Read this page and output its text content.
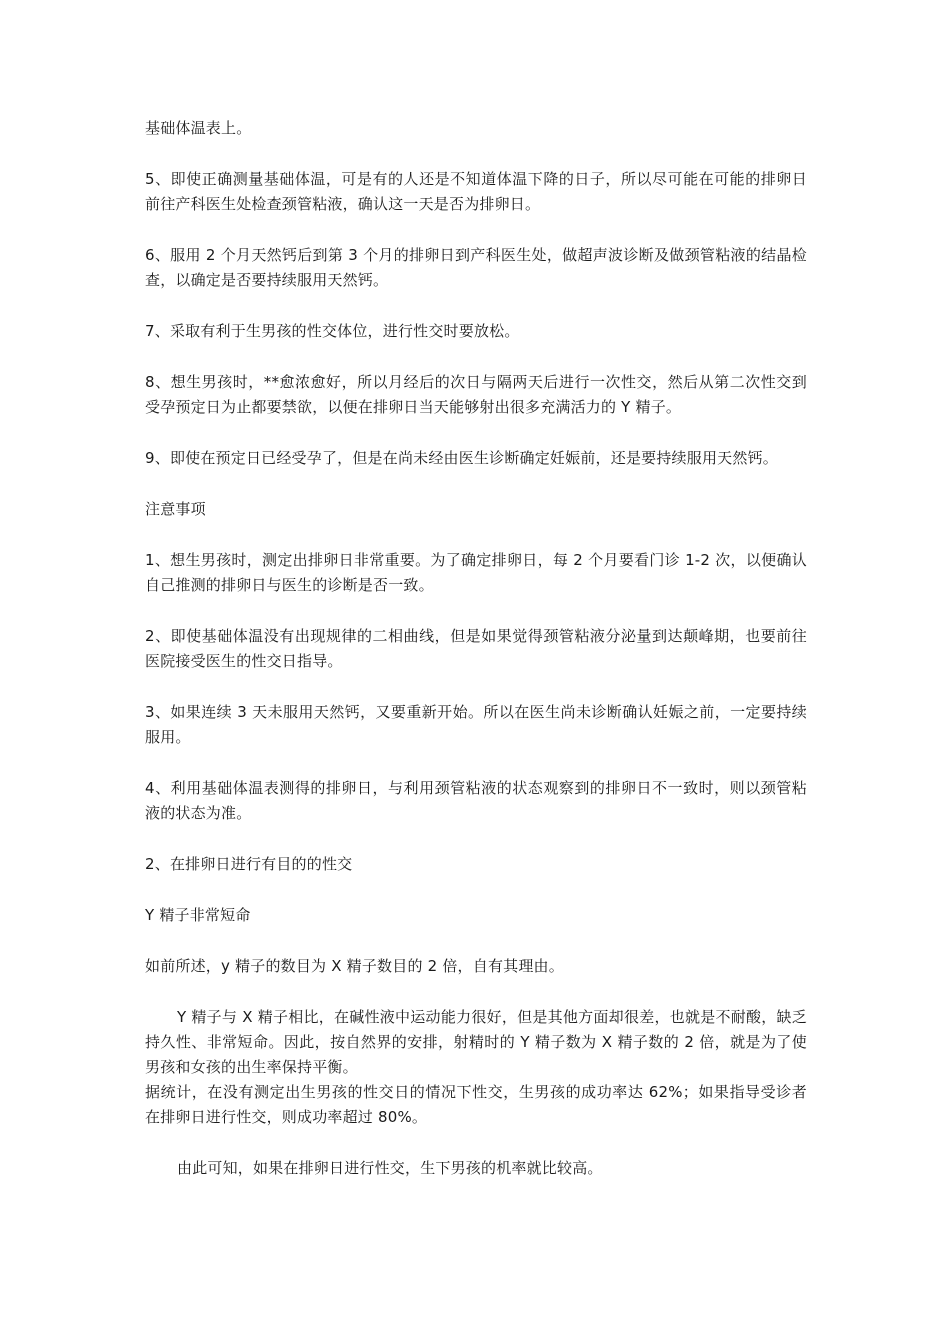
基础体温表上。

5、即使正确测量基础体温，可是有的人还是不知道体温下降的日子，所以尽可能在可能的排卵日前往产科医生处检查颈管粘液，确认这一天是否为排卵日。

6、服用 2 个月天然钙后到第 3 个月的排卵日到产科医生处，做超声波诊断及做颈管粘液的结晶检查，以确定是否要持续服用天然钙。

7、采取有利于生男孩的性交体位，进行性交时要放松。

8、想生男孩时，**愈浓愈好，所以月经后的次日与隔两天后进行一次性交，然后从第二次性交到受孕预定日为止都要禁欲，以便在排卵日当天能够射出很多充满活力的 Y 精子。

9、即使在预定日已经受孕了，但是在尚未经由医生诊断确定妊娠前，还是要持续服用天然钙。

注意事项

1、想生男孩时，测定出排卵日非常重要。为了确定排卵日，每 2 个月要看门诊 1-2 次，以便确认自己推测的排卵日与医生的诊断是否一致。

2、即使基础体温没有出现规律的二相曲线，但是如果觉得颈管粘液分泌量到达颠峰期，也要前往医院接受医生的性交日指导。

3、如果连续 3 天未服用天然钙，又要重新开始。所以在医生尚未诊断确认妊娠之前，一定要持续服用。

4、利用基础体温表测得的排卵日，与利用颈管粘液的状态观察到的排卵日不一致时，则以颈管粘液的状态为准。

2、在排卵日进行有目的的性交

Y 精子非常短命

如前所述，y 精子的数目为 X 精子数目的 2 倍，自有其理由。

Y 精子与 X 精子相比，在碱性液中运动能力很好，但是其他方面却很差，也就是不耐酸，缺乏持久性、非常短命。因此，按自然界的安排，射精时的 Y 精子数为 X 精子数的 2 倍，就是为了使男孩和女孩的出生率保持平衡。

据统计，在没有测定出生男孩的性交日的情况下性交，生男孩的成功率达 62%；如果指导受诊者在排卵日进行性交，则成功率超过 80%。

由此可知，如果在排卵日进行性交，生下男孩的机率就比较高。
